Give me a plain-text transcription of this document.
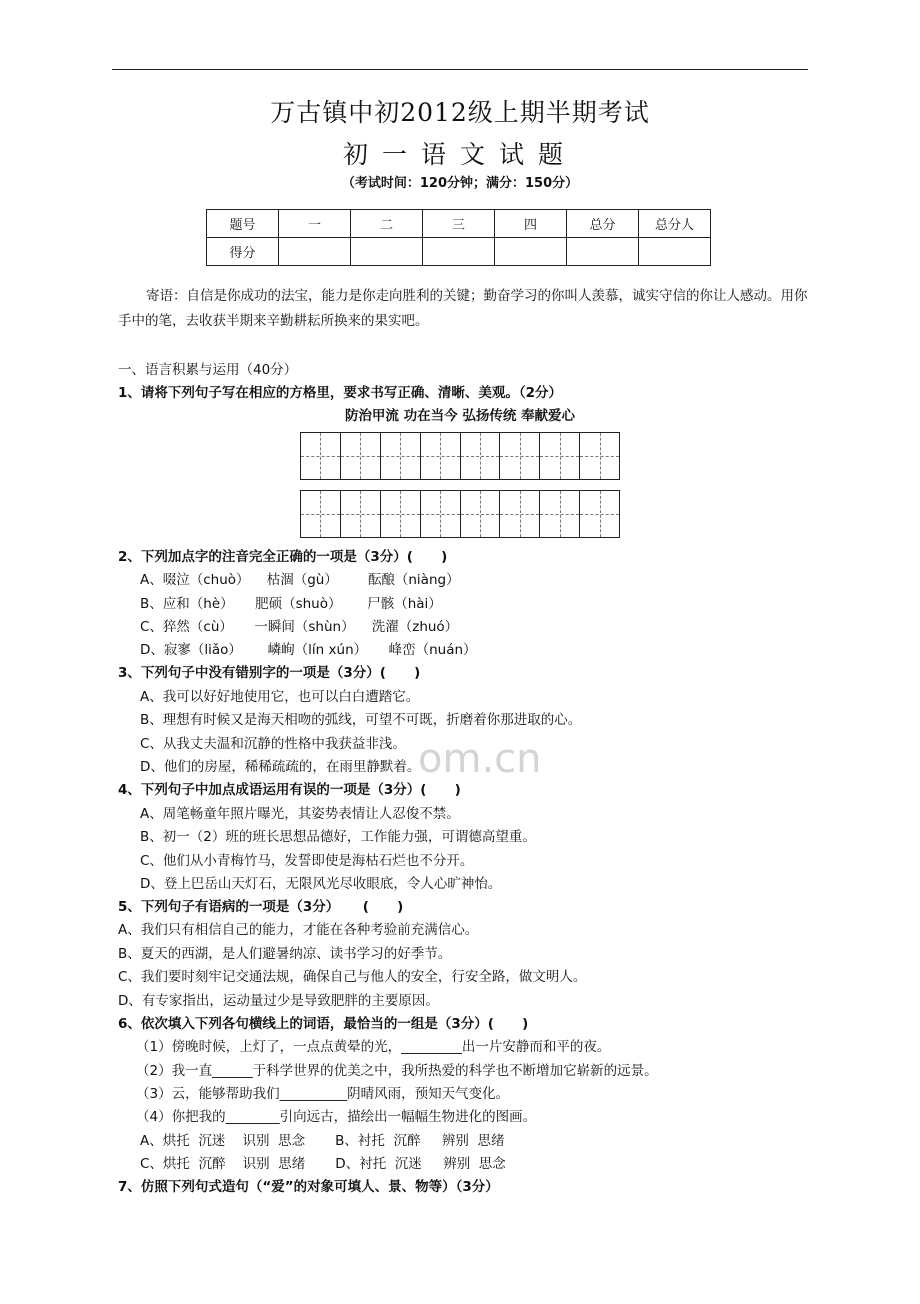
万古镇中初2012级上期半期考试
初一语文试题
（考试时间：120分钟；满分：150分）
题号	一	二	三	四	总分	总分人
得分						
寄语：自信是你成功的法宝，能力是你走向胜利的关键；勤奋学习的你叫人羡慕，诚实守信的你让人感动。用你手中的笔，去收获半期来辛勤耕耘所换来的果实吧。
一、语言积累与运用（40分）
1、请将下列句子写在相应的方格里，要求书写正确、清晰、美观。（2分）
防治甲流 功在当今 弘扬传统 奉献爱心
2、下列加点字的注音完全正确的一项是（3分）(      )
A、啜泣（chuò）    枯涸（gù）       酝酿（niàng）
B、应和（hè）     肥硕（shuò）      尸骸（hài）
C、猝然（cù）     一瞬间（shùn）    洗濯（zhuó）
D、寂寥（liǎo）      嶙峋（lín xún）     峰峦（nuán）
3、下列句子中没有错别字的一项是（3分）(      )
A、我可以好好地使用它，也可以白白遭踏它。
B、理想有时候又是海天相吻的弧线，可望不可既，折磨着你那进取的心。
C、从我丈夫温和沉静的性格中我获益非浅。
D、他们的房屋，稀稀疏疏的，在雨里静默着。
om.cn
4、下列句子中加点成语运用有误的一项是（3分）(      )
A、周笔畅童年照片曝光，其姿势表情让人忍俊不禁。
B、初一（2）班的班长思想品德好，工作能力强，可谓德高望重。
C、他们从小青梅竹马，发誓即使是海枯石烂也不分开。
D、登上巴岳山天灯石，无限风光尽收眼底，令人心旷神怡。
5、下列句子有语病的一项是（3分）     (      )
A、我们只有相信自己的能力，才能在各种考验前充满信心。
B、夏天的西湖，是人们避暑纳凉、读书学习的好季节。
C、我们要时刻牢记交通法规，确保自己与他人的安全，行安全路，做文明人。
D、有专家指出，运动量过少是导致肥胖的主要原因。
6、依次填入下列各句横线上的词语，最恰当的一组是（3分）(      )
（1）傍晚时候，上灯了，一点点黄晕的光，_________出一片安静而和平的夜。
（2）我一直______于科学世界的优美之中，我所热爱的科学也不断增加它崭新的远景。
（3）云，能够帮助我们__________阴晴风雨，预知天气变化。
（4）你把我的________引向远古，描绘出一幅幅生物进化的图画。
A、烘托  沉迷    识别  思念       B、衬托  沉醉     辨别  思绪
C、烘托  沉醉    识别  思绪       D、衬托  沉迷     辨别  思念
7、仿照下列句式造句（“爱”的对象可填人、景、物等）（3分）
